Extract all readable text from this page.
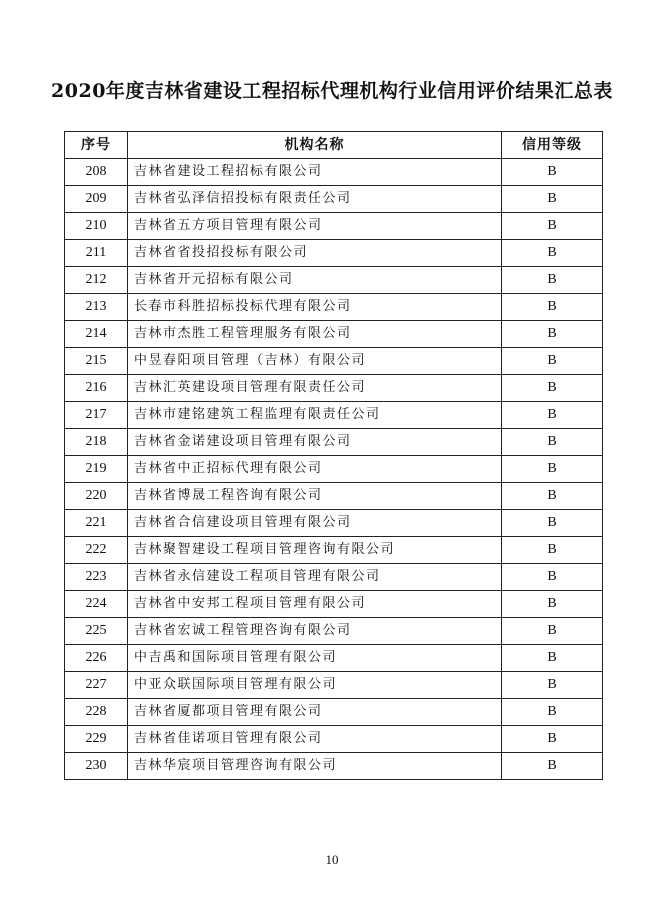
2020年度吉林省建设工程招标代理机构行业信用评价结果汇总表
序号	机构名称	信用等级
208	吉林省建设工程招标有限公司	B
209	吉林省弘泽信招投标有限责任公司	B
210	吉林省五方项目管理有限公司	B
211	吉林省省投招投标有限公司	B
212	吉林省开元招标有限公司	B
213	长春市科胜招标投标代理有限公司	B
214	吉林市杰胜工程管理服务有限公司	B
215	中昱春阳项目管理（吉林）有限公司	B
216	吉林汇英建设项目管理有限责任公司	B
217	吉林市建铭建筑工程监理有限责任公司	B
218	吉林省金诺建设项目管理有限公司	B
219	吉林省中正招标代理有限公司	B
220	吉林省博晟工程咨询有限公司	B
221	吉林省合信建设项目管理有限公司	B
222	吉林聚智建设工程项目管理咨询有限公司	B
223	吉林省永信建设工程项目管理有限公司	B
224	吉林省中安邦工程项目管理有限公司	B
225	吉林省宏诚工程管理咨询有限公司	B
226	中吉禹和国际项目管理有限公司	B
227	中亚众联国际项目管理有限公司	B
228	吉林省厦都项目管理有限公司	B
229	吉林省佳诺项目管理有限公司	B
230	吉林华宸项目管理咨询有限公司	B
10
